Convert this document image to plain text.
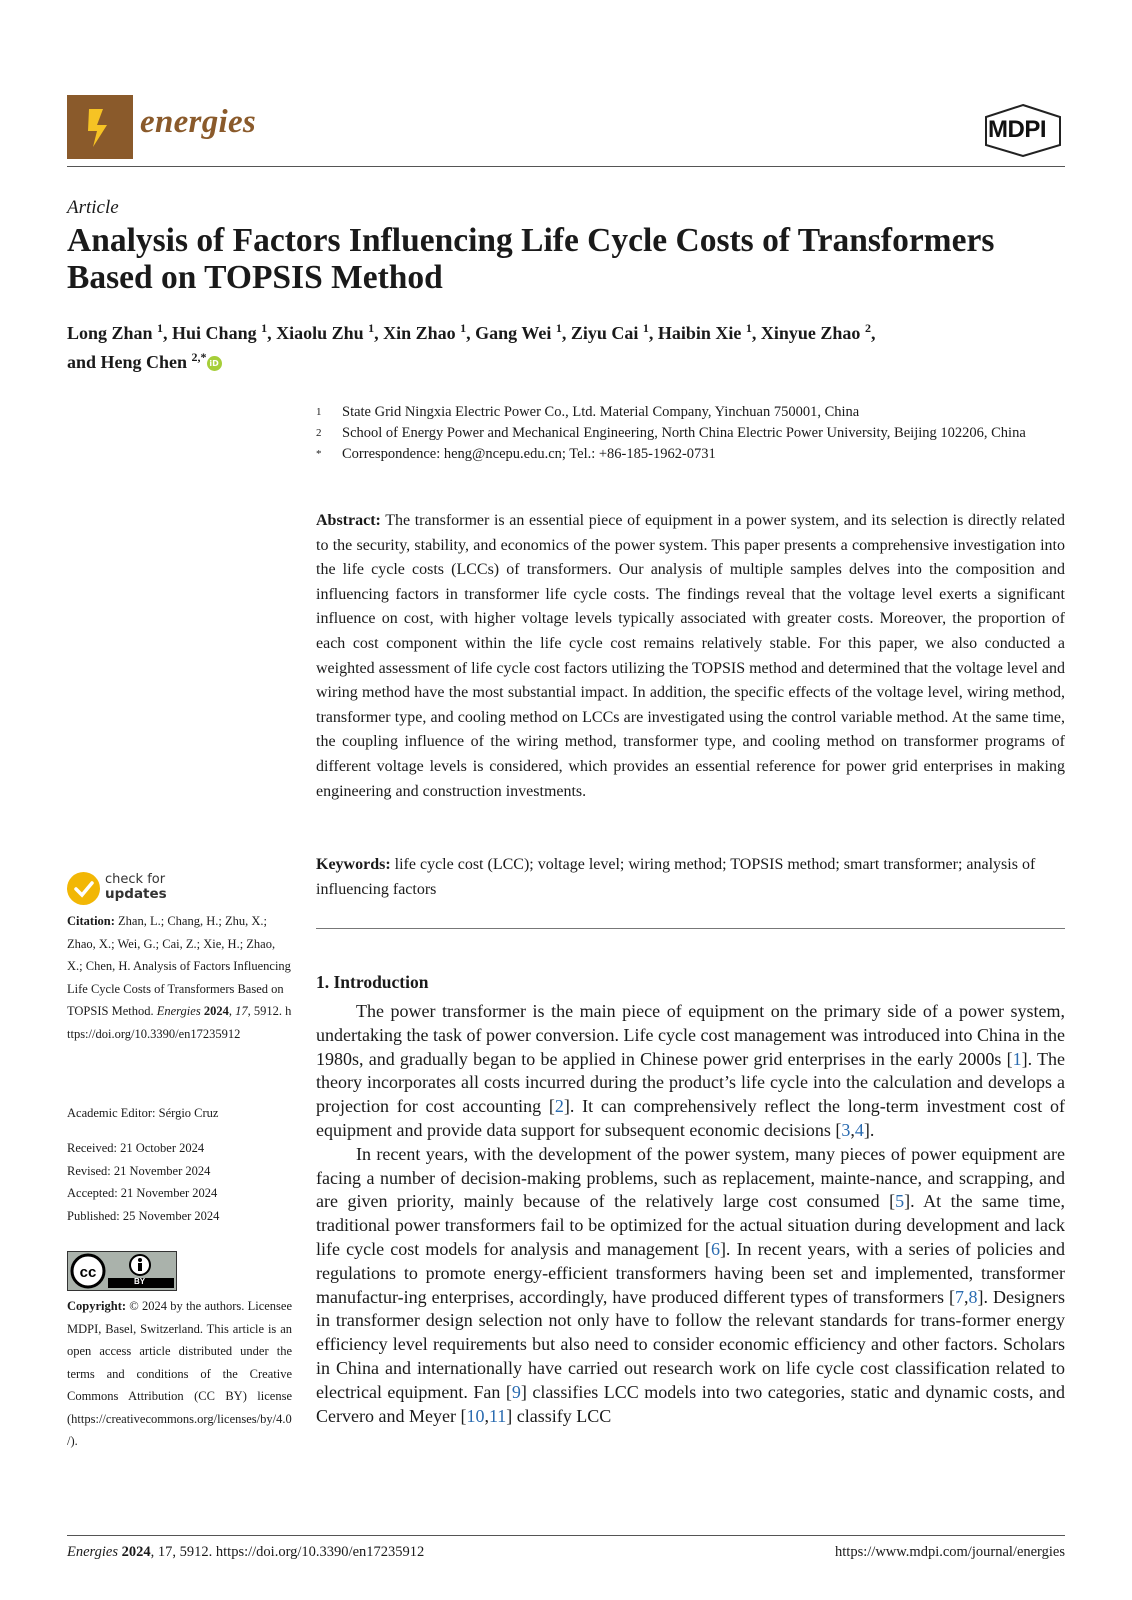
energies	MDPI
Article
Analysis of Factors Influencing Life Cycle Costs of Transformers Based on TOPSIS Method
Long Zhan $^1$, Hui Chang $^1$, Xiaolu Zhu $^1$, Xin Zhao $^1$, Gang Wei $^1$, Ziyu Cai $^1$, Haibin Xie $^1$, Xinyue Zhao $^2$,
and Heng Chen $^{2,*}$ iD
1	State Grid Ningxia Electric Power Co., Ltd. Material Company, Yinchuan 750001, China
2	School of Energy Power and Mechanical Engineering, North China Electric Power University, Beijing 102206, China
*	Correspondence: heng@ncepu.edu.cn; Tel.: +86-185-1962-0731
Abstract: The transformer is an essential piece of equipment in a power system, and its selection is directly related to the security, stability, and economics of the power system. This paper presents a comprehensive investigation into the life cycle costs (LCCs) of transformers. Our analysis of multiple samples delves into the composition and influencing factors in transformer life cycle costs. The findings reveal that the voltage level exerts a significant influence on cost, with higher voltage levels typically associated with greater costs. Moreover, the proportion of each cost component within the life cycle cost remains relatively stable. For this paper, we also conducted a weighted assessment of life cycle cost factors utilizing the TOPSIS method and determined that the voltage level and wiring method have the most substantial impact. In addition, the specific effects of the voltage level, wiring method, transformer type, and cooling method on LCCs are investigated using the control variable method. At the same time, the coupling influence of the wiring method, transformer type, and cooling method on transformer programs of different voltage levels is considered, which provides an essential reference for power grid enterprises in making engineering and construction investments.
Keywords: life cycle cost (LCC); voltage level; wiring method; TOPSIS method; smart transformer; analysis of influencing factors
1. Introduction

The power transformer is the main piece of equipment on the primary side of a power system, undertaking the task of power conversion. Life cycle cost management was introduced into China in the 1980s, and gradually began to be applied in Chinese power grid enterprises in the early 2000s [1]. The theory incorporates all costs incurred during the product’s life cycle into the calculation and develops a projection for cost accounting [2]. It can comprehensively reflect the long-term investment cost of equipment and provide data support for subsequent economic decisions [3,4].

In recent years, with the development of the power system, many pieces of power equipment are facing a number of decision-making problems, such as replacement, mainte-nance, and scrapping, and are given priority, mainly because of the relatively large cost consumed [5]. At the same time, traditional power transformers fail to be optimized for the actual situation during development and lack life cycle cost models for analysis and management [6]. In recent years, with a series of policies and regulations to promote energy-efficient transformers having been set and implemented, transformer manufactur-ing enterprises, accordingly, have produced different types of transformers [7,8]. Designers in transformer design selection not only have to follow the relevant standards for trans-former energy efficiency level requirements but also need to consider economic efficiency and other factors. Scholars in China and internationally have carried out research work on life cycle cost classification related to electrical equipment. Fan [9] classifies LCC models into two categories, static and dynamic costs, and Cervero and Meyer [10,11] classify LCC

check for
updates
Citation: Zhan, L.; Chang, H.; Zhu, X.; Zhao, X.; Wei, G.; Cai, Z.; Xie, H.; Zhao, X.; Chen, H. Analysis of Factors Influencing Life Cycle Costs of Transformers Based on TOPSIS Method. Energies 2024, 17, 5912. https://doi.org/10.3390/en17235912
Academic Editor: Sérgio Cruz
Received: 21 October 2024
Revised: 21 November 2024
Accepted: 21 November 2024
Published: 25 November 2024
cc
BY
Copyright: © 2024 by the authors. Licensee MDPI, Basel, Switzerland. This article is an open access article distributed under the terms and conditions of the Creative Commons Attribution (CC BY) license (https://creativecommons.org/licenses/by/4.0/).
Energies 2024, 17, 5912. https://doi.org/10.3390/en17235912	https://www.mdpi.com/journal/energies
